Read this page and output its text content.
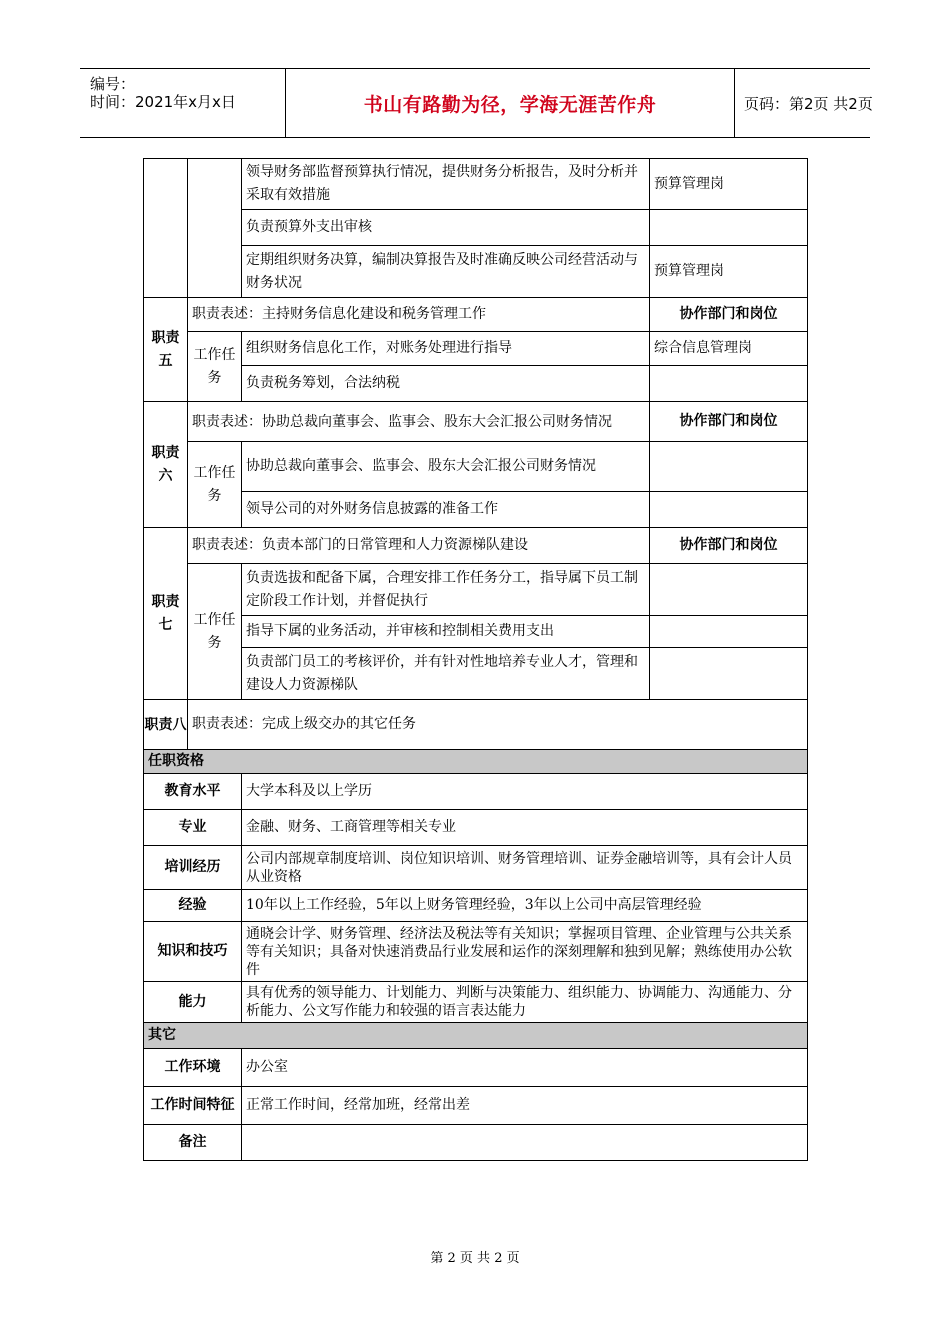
编号：
时间：2021年x月x日	书山有路勤为径，学海无涯苦作舟	页码：第2页 共2页
		领导财务部监督预算执行情况，提供财务分析报告，及时分析并采取有效措施	预算管理岗
		负责预算外支出审核	
		定期组织财务决算，编制决算报告及时准确反映公司经营活动与财务状况	预算管理岗
职责五	职责表述：主持财务信息化建设和税务管理工作		协作部门和岗位
	工作任务	组织财务信息化工作，对账务处理进行指导	综合信息管理岗
		负责税务筹划，合法纳税	
职责六	职责表述：协助总裁向董事会、监事会、股东大会汇报公司财务情况		协作部门和岗位
	工作任务	协助总裁向董事会、监事会、股东大会汇报公司财务情况	
		领导公司的对外财务信息披露的准备工作	
职责七	职责表述：负责本部门的日常管理和人力资源梯队建设		协作部门和岗位
	工作任务	负责选拔和配备下属，合理安排工作任务分工，指导属下员工制定阶段工作计划，并督促执行	
		指导下属的业务活动，并审核和控制相关费用支出	
		负责部门员工的考核评价，并有针对性地培养专业人才，管理和建设人力资源梯队	
职责八	职责表述：完成上级交办的其它任务		
任职资格			
教育水平		大学本科及以上学历	
专业		金融、财务、工商管理等相关专业	
培训经历		公司内部规章制度培训、岗位知识培训、财务管理培训、证券金融培训等，具有会计人员从业资格	
经验		10年以上工作经验，5年以上财务管理经验，3年以上公司中高层管理经验	
知识和技巧		通晓会计学、财务管理、经济法及税法等有关知识；掌握项目管理、企业管理与公共关系等有关知识；具备对快速消费品行业发展和运作的深刻理解和独到见解；熟练使用办公软件	
能力		具有优秀的领导能力、计划能力、判断与决策能力、组织能力、协调能力、沟通能力、分析能力、公文写作能力和较强的语言表达能力	
其它			
工作环境		办公室	
工作时间特征		正常工作时间，经常加班，经常出差	
备注			
第 2 页 共 2 页
